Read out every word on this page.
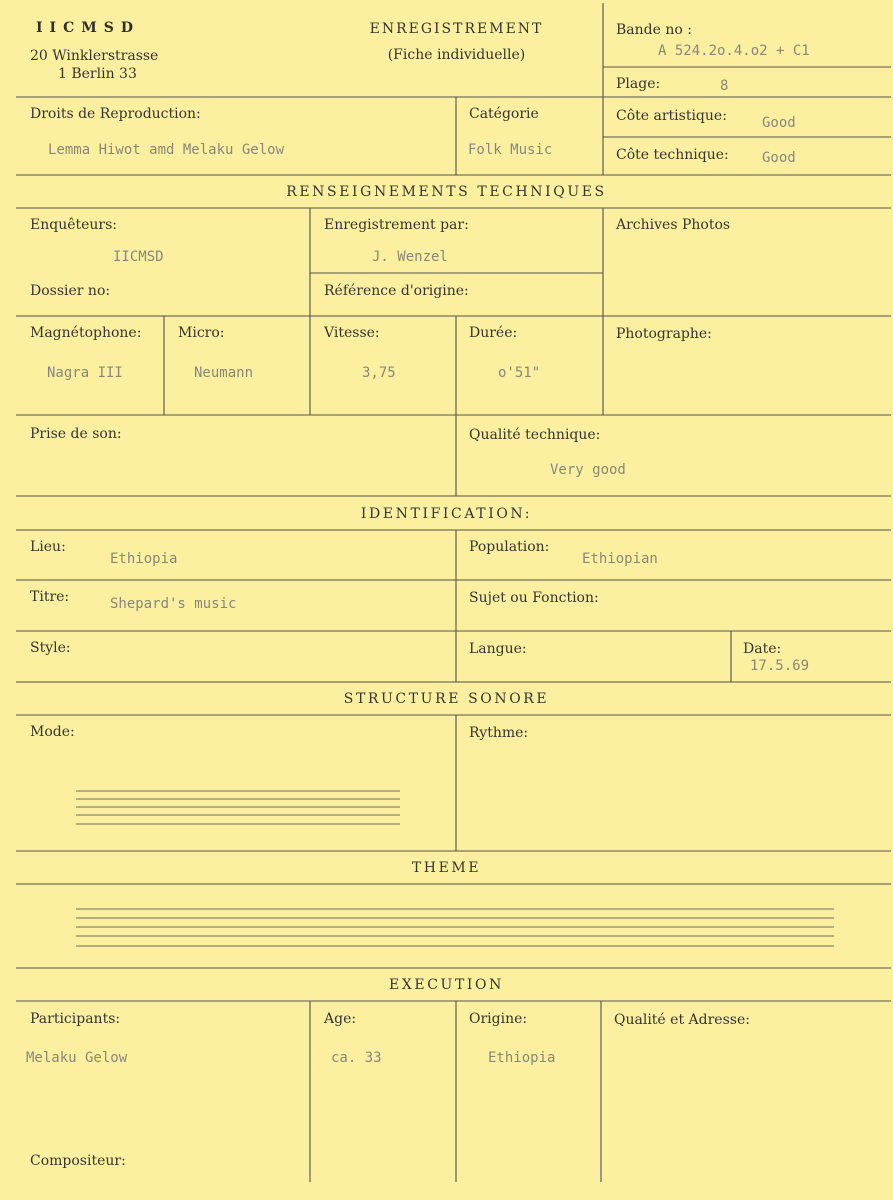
IICMSD
20 Winklerstrasse
1 Berlin 33
ENREGISTREMENT
(Fiche individuelle)
Bande no :
A 524.2o.4.o2 + C1
Plage:	8
Droits de Reproduction:
Lemma Hiwot amd Melaku Gelow
Catégorie
Folk Music
Côte artistique:	Good
Côte technique: Good
RENSEIGNEMENTS TECHNIQUES
Enquêteurs:
IICMSD
Enregistrement par:
J. Wenzel
Archives Photos
Dossier no:	Référence d'origine:
Magnétophone:
Nagra III
Micro:
Neumann
Vitesse:
3,75
Durée:
o'51"
Photographe:
Prise de son:	Qualité technique:
Very good
IDENTIFICATION:
Lieu:
Ethiopia
Population:
Ethiopian
Titre:	Shepard's music	Sujet ou Fonction:
Style:	Langue:	Date:
17.5.69
STRUCTURE SONORE
Mode:	Rythme:
THEME
EXECUTION
Participants:
Melaku Gelow
Age:
ca. 33
Origine:
Ethiopia
Qualité et Adresse:
Compositeur:
